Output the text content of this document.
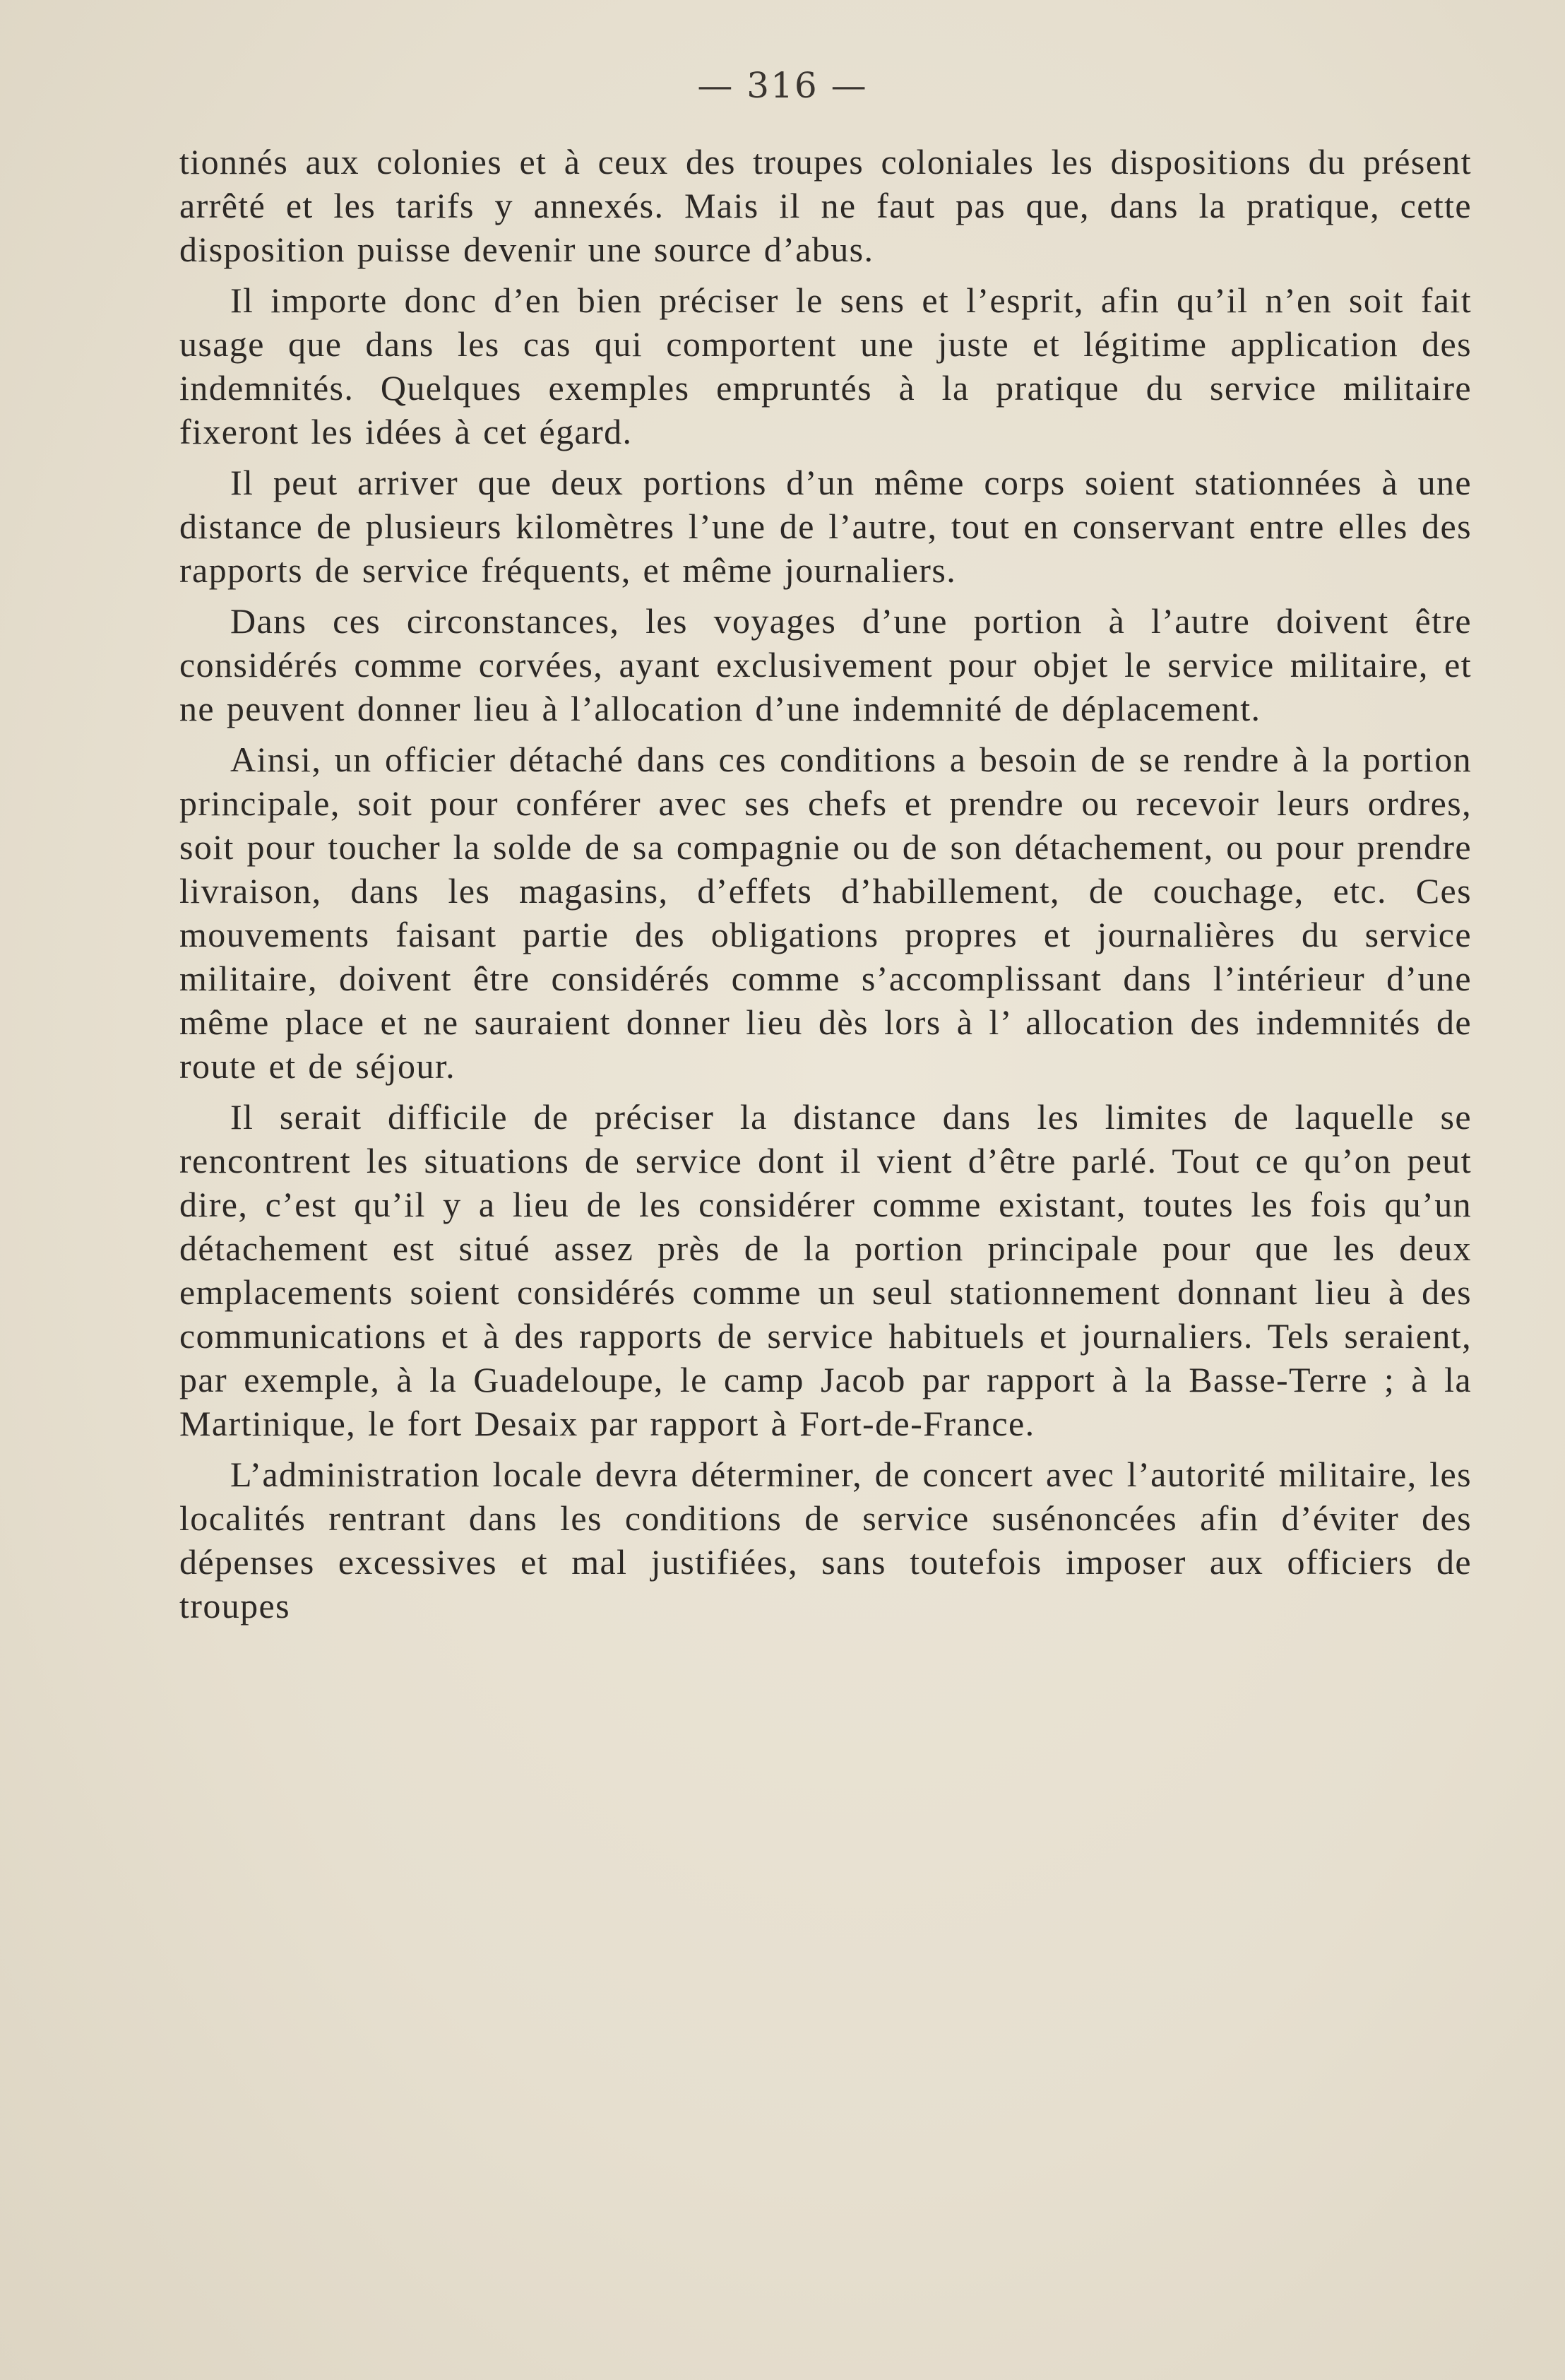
— 316 —

tionnés aux colonies et à ceux des troupes coloniales les dispositions du présent arrêté et les tarifs y annexés. Mais il ne faut pas que, dans la pratique, cette disposition puisse devenir une source d’abus.

Il importe donc d’en bien préciser le sens et l’esprit, afin qu’il n’en soit fait usage que dans les cas qui comportent une juste et légitime application des indemnités. Quelques exemples empruntés à la pratique du service militaire fixeront les idées à cet égard.

Il peut arriver que deux portions d’un même corps soient stationnées à une distance de plusieurs kilomètres l’une de l’autre, tout en conservant entre elles des rapports de service fréquents, et même journaliers.

Dans ces circonstances, les voyages d’une portion à l’autre doivent être considérés comme corvées, ayant exclusivement pour objet le service militaire, et ne peuvent donner lieu à l’allocation d’une indemnité de déplacement.

Ainsi, un officier détaché dans ces conditions a besoin de se rendre à la portion principale, soit pour conférer avec ses chefs et prendre ou recevoir leurs ordres, soit pour toucher la solde de sa compagnie ou de son détachement, ou pour prendre livraison, dans les magasins, d’effets d’habillement, de couchage, etc. Ces mouvements faisant partie des obligations propres et journalières du service militaire, doivent être considérés comme s’accomplissant dans l’intérieur d’une même place et ne sauraient donner lieu dès lors à l’ allocation des indemnités de route et de séjour.

Il serait difficile de préciser la distance dans les limites de laquelle se rencontrent les situations de service dont il vient d’être parlé. Tout ce qu’on peut dire, c’est qu’il y a lieu de les considérer comme existant, toutes les fois qu’un détachement est situé assez près de la portion principale pour que les deux emplacements soient considérés comme un seul stationnement donnant lieu à des communications et à des rapports de service habituels et journaliers. Tels seraient, par exemple, à la Guadeloupe, le camp Jacob par rapport à la Basse-Terre ; à la Martinique, le fort Desaix par rapport à Fort-de-France.

L’administration locale devra déterminer, de concert avec l’autorité militaire, les localités rentrant dans les conditions de service susénoncées afin d’éviter des dépenses excessives et mal justifiées, sans toutefois imposer aux officiers de troupes
